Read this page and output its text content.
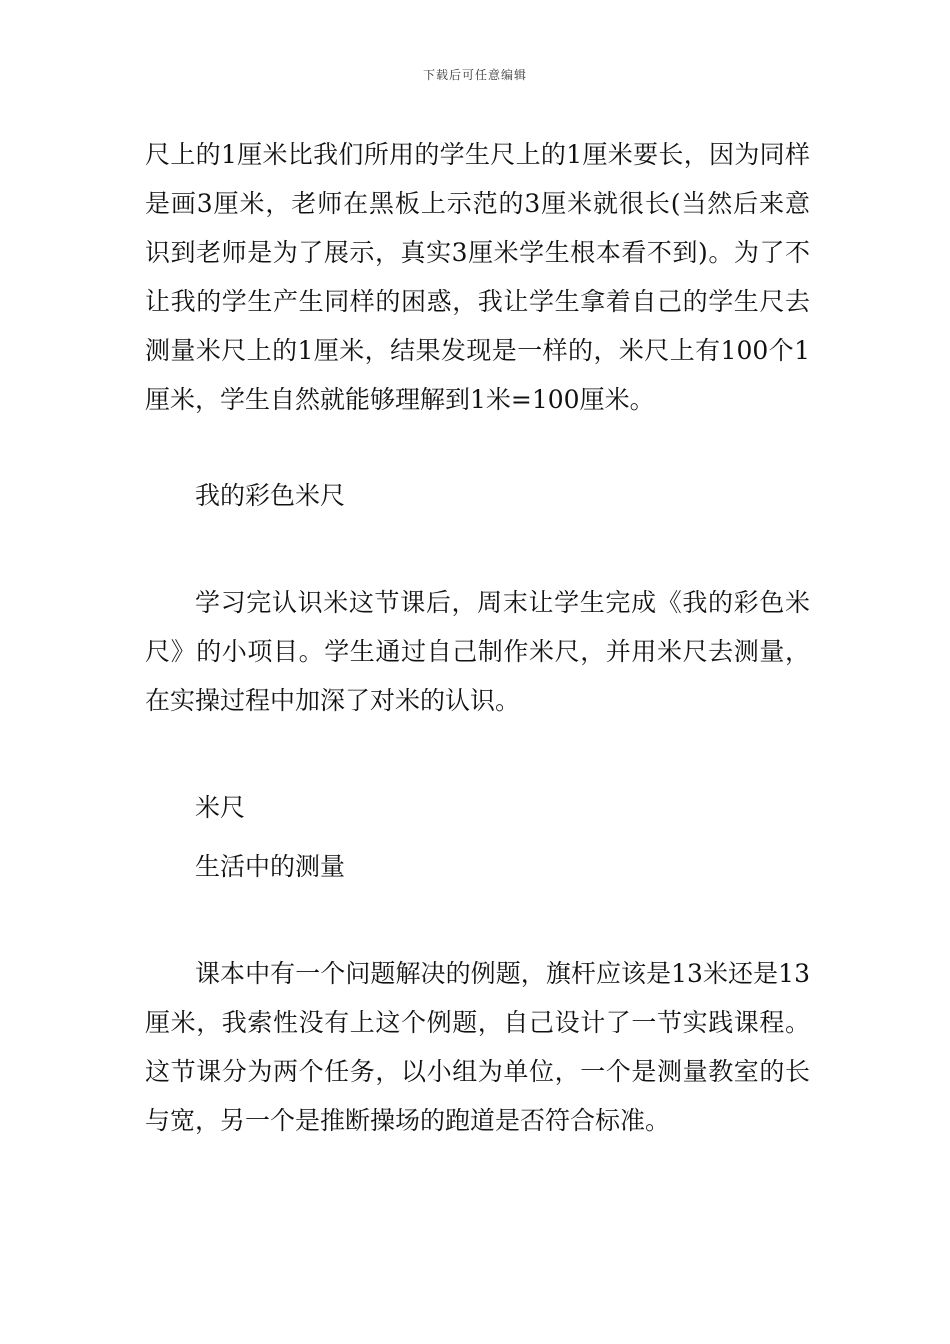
下载后可任意编辑

尺上的1厘米比我们所用的学生尺上的1厘米要长，因为同样是画3厘米，老师在黑板上示范的3厘米就很长(当然后来意识到老师是为了展示，真实3厘米学生根本看不到)。为了不让我的学生产生同样的困惑，我让学生拿着自己的学生尺去测量米尺上的1厘米，结果发现是一样的，米尺上有100个1厘米，学生自然就能够理解到1米=100厘米。

我的彩色米尺

学习完认识米这节课后，周末让学生完成《我的彩色米尺》的小项目。学生通过自己制作米尺，并用米尺去测量，在实操过程中加深了对米的认识。

米尺

生活中的测量

课本中有一个问题解决的例题，旗杆应该是13米还是13厘米，我索性没有上这个例题，自己设计了一节实践课程。这节课分为两个任务，以小组为单位，一个是测量教室的长与宽，另一个是推断操场的跑道是否符合标准。
